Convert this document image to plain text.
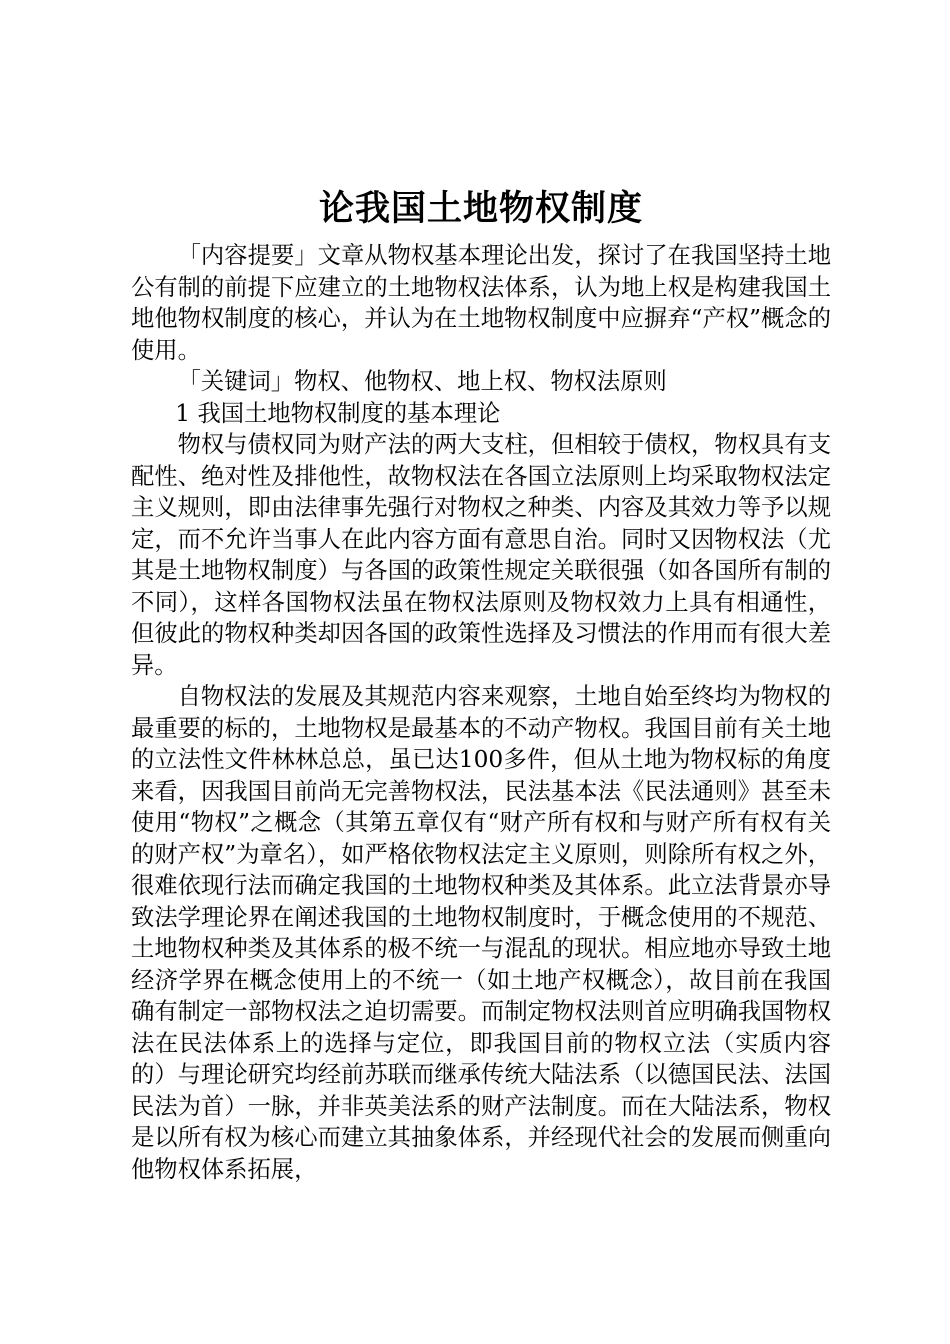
论我国土地物权制度

「内容提要」文章从物权基本理论出发，探讨了在我国坚持土地公有制的前提下应建立的土地物权法体系，认为地上权是构建我国土地他物权制度的核心，并认为在土地物权制度中应摒弃“产权”概念的使用。

「关键词」物权、他物权、地上权、物权法原则

1 我国土地物权制度的基本理论

物权与债权同为财产法的两大支柱，但相较于债权，物权具有支配性、绝对性及排他性，故物权法在各国立法原则上均采取物权法定主义规则，即由法律事先强行对物权之种类、内容及其效力等予以规定，而不允许当事人在此内容方面有意思自治。同时又因物权法（尤其是土地物权制度）与各国的政策性规定关联很强（如各国所有制的不同），这样各国物权法虽在物权法原则及物权效力上具有相通性，但彼此的物权种类却因各国的政策性选择及习惯法的作用而有很大差异。

自物权法的发展及其规范内容来观察，土地自始至终均为物权的最重要的标的，土地物权是最基本的不动产物权。我国目前有关土地的立法性文件林林总总，虽已达100多件，但从土地为物权标的角度来看，因我国目前尚无完善物权法，民法基本法《民法通则》甚至未使用“物权”之概念（其第五章仅有“财产所有权和与财产所有权有关的财产权”为章名），如严格依物权法定主义原则，则除所有权之外，很难依现行法而确定我国的土地物权种类及其体系。此立法背景亦导致法学理论界在阐述我国的土地物权制度时，于概念使用的不规范、土地物权种类及其体系的极不统一与混乱的现状。相应地亦导致土地经济学界在概念使用上的不统一（如土地产权概念），故目前在我国确有制定一部物权法之迫切需要。而制定物权法则首应明确我国物权法在民法体系上的选择与定位，即我国目前的物权立法（实质内容的）与理论研究均经前苏联而继承传统大陆法系（以德国民法、法国民法为首）一脉，并非英美法系的财产法制度。而在大陆法系，物权是以所有权为核心而建立其抽象体系，并经现代社会的发展而侧重向他物权体系拓展，
